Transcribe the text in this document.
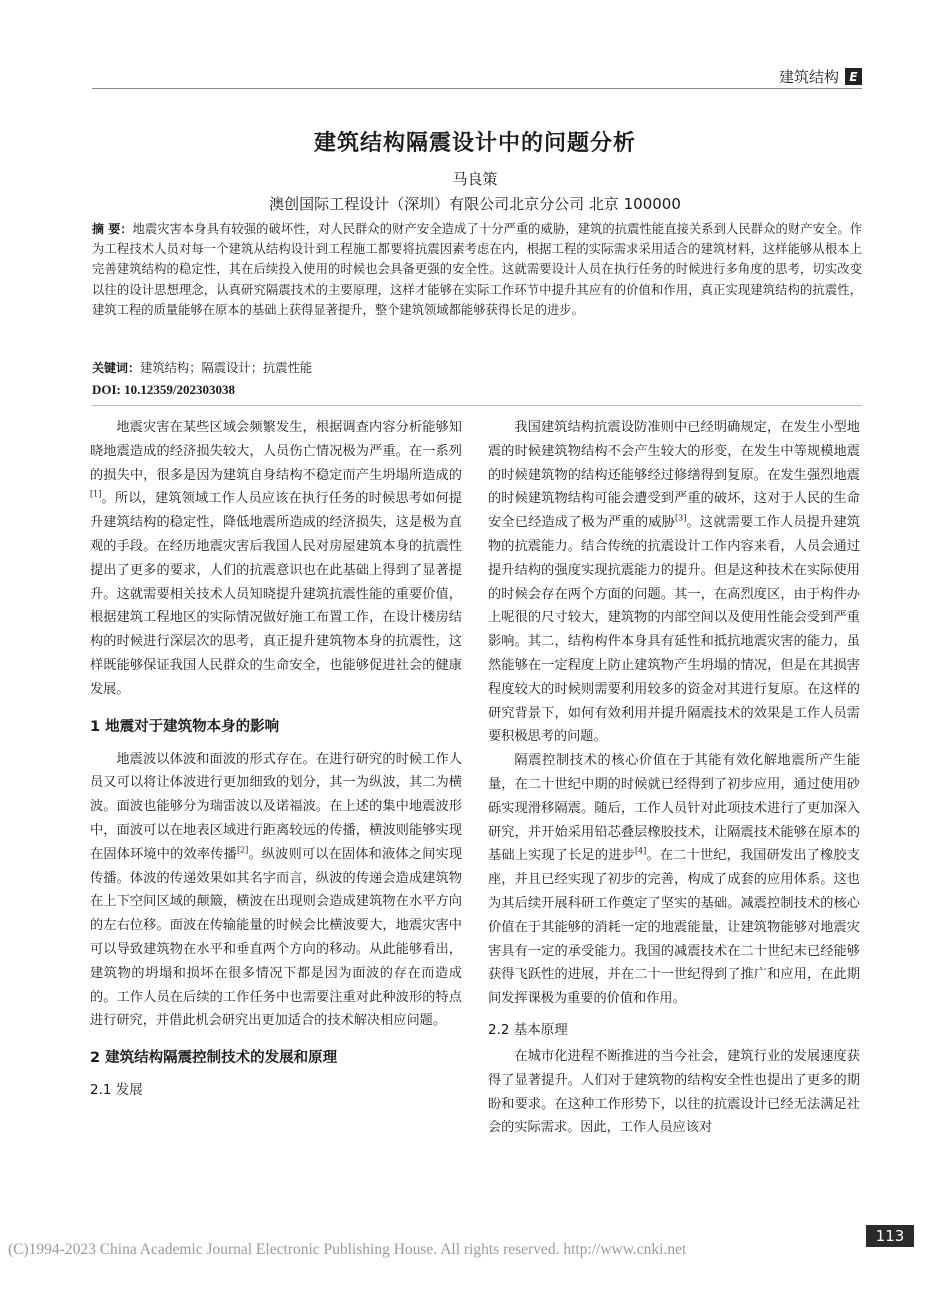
建筑结构 E
建筑结构隔震设计中的问题分析
马良策
澳创国际工程设计（深圳）有限公司北京分公司 北京 100000
摘 要：地震灾害本身具有较强的破坏性，对人民群众的财产安全造成了十分严重的威胁，建筑的抗震性能直接关系到人民群众的财产安全。作为工程技术人员对每一个建筑从结构设计到工程施工都要将抗震因素考虑在内，根据工程的实际需求采用适合的建筑材料，这样能够从根本上完善建筑结构的稳定性，其在后续投入使用的时候也会具备更强的安全性。这就需要设计人员在执行任务的时候进行多角度的思考，切实改变以往的设计思想理念，认真研究隔震技术的主要原理，这样才能够在实际工作环节中提升其应有的价值和作用，真正实现建筑结构的抗震性，建筑工程的质量能够在原本的基础上获得显著提升，整个建筑领域都能够获得长足的进步。
关键词：建筑结构；隔震设计；抗震性能
DOI: 10.12359/202303038

地震灾害在某些区域会频繁发生，根据调查内容分析能够知晓地震造成的经济损失较大，人员伤亡情况极为严重。在一系列的损失中，很多是因为建筑自身结构不稳定而产生坍塌所造成的[1]。所以，建筑领域工作人员应该在执行任务的时候思考如何提升建筑结构的稳定性，降低地震所造成的经济损失，这是极为直观的手段。在经历地震灾害后我国人民对房屋建筑本身的抗震性提出了更多的要求，人们的抗震意识也在此基础上得到了显著提升。这就需要相关技术人员知晓提升建筑抗震性能的重要价值，根据建筑工程地区的实际情况做好施工布置工作，在设计楼房结构的时候进行深层次的思考，真正提升建筑物本身的抗震性，这样既能够保证我国人民群众的生命安全，也能够促进社会的健康发展。

1 地震对于建筑物本身的影响

地震波以体波和面波的形式存在。在进行研究的时候工作人员又可以将让体波进行更加细致的划分，其一为纵波，其二为横波。面波也能够分为瑞雷波以及诺福波。在上述的集中地震波形中，面波可以在地表区域进行距离较远的传播，横波则能够实现在固体环境中的效率传播[2]。纵波则可以在固体和液体之间实现传播。体波的传递效果如其名字而言，纵波的传递会造成建筑物在上下空间区域的颠簸，横波在出现则会造成建筑物在水平方向的左右位移。面波在传输能量的时候会比横波要大，地震灾害中可以导致建筑物在水平和垂直两个方向的移动。从此能够看出，建筑物的坍塌和损坏在很多情况下都是因为面波的存在而造成的。工作人员在后续的工作任务中也需要注重对此种波形的特点进行研究，并借此机会研究出更加适合的技术解决相应问题。

2 建筑结构隔震控制技术的发展和原理
2.1 发展

我国建筑结构抗震设防准则中已经明确规定，在发生小型地震的时候建筑物结构不会产生较大的形变，在发生中等规模地震的时候建筑物的结构还能够经过修缮得到复原。在发生强烈地震的时候建筑物结构可能会遭受到严重的破坏，这对于人民的生命安全已经造成了极为严重的威胁[3]。这就需要工作人员提升建筑物的抗震能力。结合传统的抗震设计工作内容来看，人员会通过提升结构的强度实现抗震能力的提升。但是这种技术在实际使用的时候会存在两个方面的问题。其一，在高烈度区，由于构件办上呢很的尺寸较大，建筑物的内部空间以及使用性能会受到严重影响。其二，结构构件本身具有延性和抵抗地震灾害的能力，虽然能够在一定程度上防止建筑物产生坍塌的情况，但是在其损害程度较大的时候则需要利用较多的资金对其进行复原。在这样的研究背景下，如何有效利用并提升隔震技术的效果是工作人员需要积极思考的问题。

隔震控制技术的核心价值在于其能有效化解地震所产生能量，在二十世纪中期的时候就已经得到了初步应用，通过使用砂砾实现滑移隔震。随后，工作人员针对此项技术进行了更加深入研究，并开始采用铅芯叠层橡胶技术，让隔震技术能够在原本的基础上实现了长足的进步[4]。在二十世纪，我国研发出了橡胶支座，并且已经实现了初步的完善，构成了成套的应用体系。这也为其后续开展科研工作奠定了坚实的基础。减震控制技术的核心价值在于其能够的消耗一定的地震能量，让建筑物能够对地震灾害具有一定的承受能力。我国的减震技术在二十世纪末已经能够获得飞跃性的进展，并在二十一世纪得到了推广和应用，在此期间发挥课极为重要的价值和作用。

2.2 基本原理

在城市化进程不断推进的当今社会，建筑行业的发展速度获得了显著提升。人们对于建筑物的结构安全性也提出了更多的期盼和要求。在这种工作形势下，以往的抗震设计已经无法满足社会的实际需求。因此，工作人员应该对

113
(C)1994-2023 China Academic Journal Electronic Publishing House. All rights reserved. http://www.cnki.net
